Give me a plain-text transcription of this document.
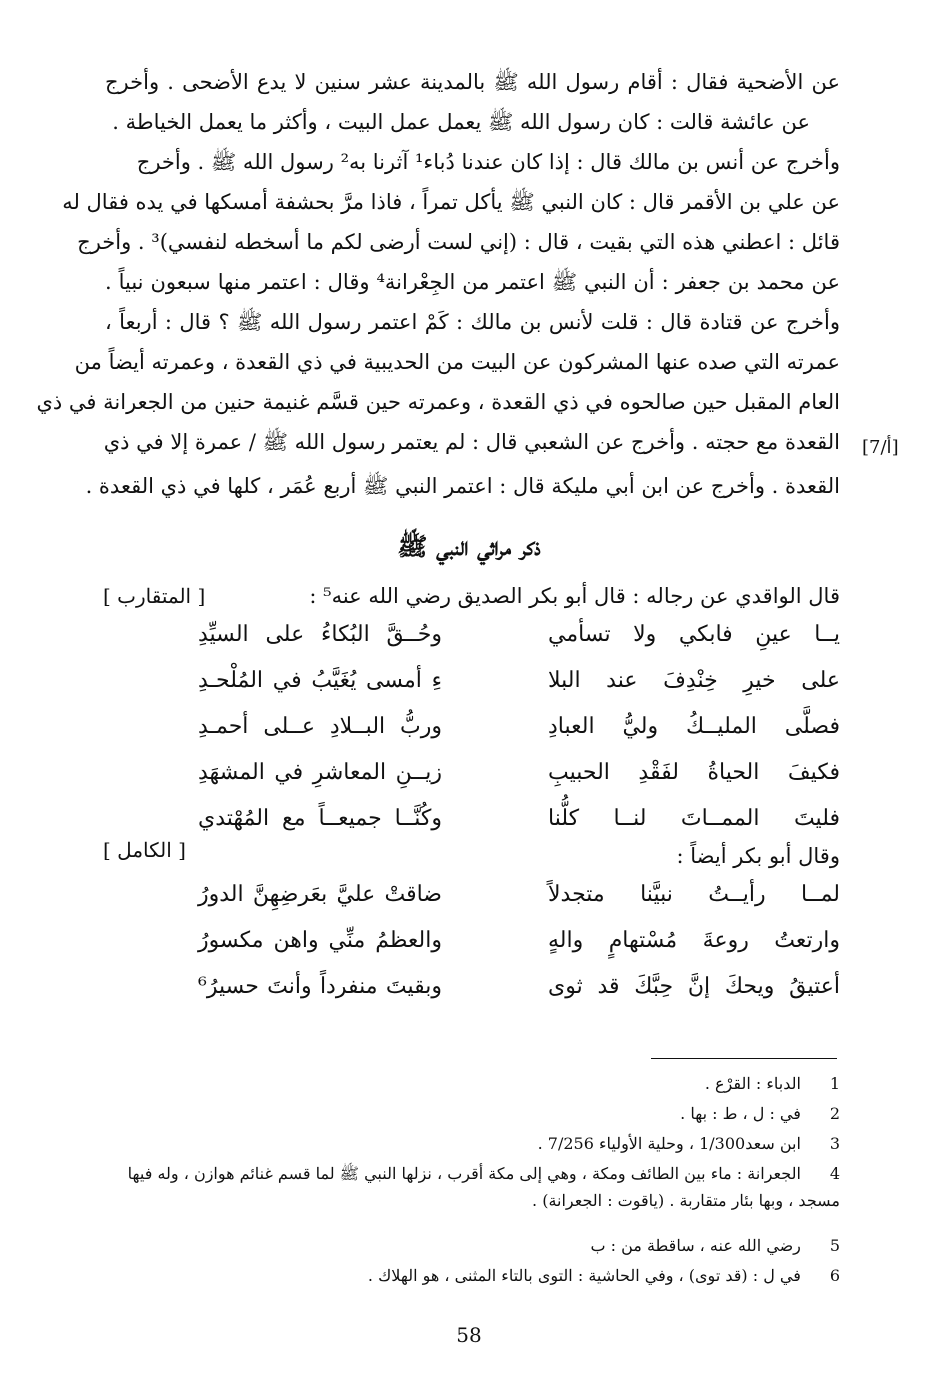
عن الأضحية فقال : أقام رسول الله ﷺ بالمدينة عشر سنين لا يدع الأضحى . وأخرج
عن عائشة قالت : كان رسول الله ﷺ يعمل عمل البيت ، وأكثر ما يعمل الخياطة .
وأخرج عن أنس بن مالك قال : إذا كان عندنا دُباء¹ آثرنا به² رسول الله ﷺ . وأخرج
عن علي بن الأقمر قال : كان النبي ﷺ يأكل تمراً ، فاذا مرَّ بحشفة أمسكها في يده فقال له
قائل : اعطني هذه التي بقيت ، قال : (إني لست أرضى لكم ما أسخطه لنفسي)³ . وأخرج
عن محمد بن جعفر : أن النبي ﷺ اعتمر من الجِعْرانة⁴ وقال : اعتمر منها سبعون نبياً .
وأخرج عن قتادة قال : قلت لأنس بن مالك : كَمْ اعتمر رسول الله ﷺ ؟ قال : أربعاً ،
عمرته التي صده عنها المشركون عن البيت من الحديبية في ذي القعدة ، وعمرته أيضاً من
العام المقبل حين صالحوه في ذي القعدة ، وعمرته حين قسَّم غنيمة حنين من الجعرانة في ذي
القعدة مع حجته . وأخرج عن الشعبي قال : لم يعتمر رسول الله ﷺ / عمرة إلا في ذي
القعدة . وأخرج عن ابن أبي مليكة قال : اعتمر النبي ﷺ أربع عُمَر ، كلها في ذي القعدة .
[7/أ]
ذكر مراثي النبي ﷺ
قال الواقدي عن رجاله : قال أبو بكر الصديق رضي الله عنه⁵ :
[ المتقارب ]
يــا عينِ فابكي ولا تسأمي
وحُــقَّ البُكاءُ على السيِّدِ
على خيرِ خِنْدِفَ عند البلا
ءِ أمسى يُغَيَّبُ في المُلْحـدِ
فصلَّى المليــكُ وليُّ العبادِ
وربُّ البــلادِ عــلى أحمـدِ
فكيفَ الحياةُ لفَقْدِ الحبيبِ
زيــنِ المعاشرِ في المشهَدِ
فليتَ الممــاتَ لنــا كلُّنا
وكُنَّــا جميعــاً مع المُهْتدي
وقال أبو بكر أيضاً :
[ الكامل ]
لمــا رأيــتُ نبيَّنا متجدلاً
ضاقتْ عليَّ بعَرضِهِنَّ الدورُ
وارتعتُ روعةَ مُسْتهامٍ والهٍ
والعظمُ منِّي واهن مكسورُ
أعتيقُ ويحكَ إنَّ حِبَّكَ قد ثوى
وبقيتَ منفرداً وأنتَ حسيرُ⁶
1 الدباء : القرْع .
2 في : ل ، ط : بها .
3 ابن سعد1/300 ، وحلية الأولياء 7/256 .
4 الجعرانة : ماء بين الطائف ومكة ، وهي إلى مكة أقرب ، نزلها النبي ﷺ لما قسم غنائم هوازن ، وله فيها مسجد ، وبها بئار متقاربة . (ياقوت : الجعرانة) .
5 رضي الله عنه ، ساقطة من : ب
6 في ل : (قد توى) ، وفي الحاشية : التوى بالتاء المثنى ، هو الهلاك .
58
